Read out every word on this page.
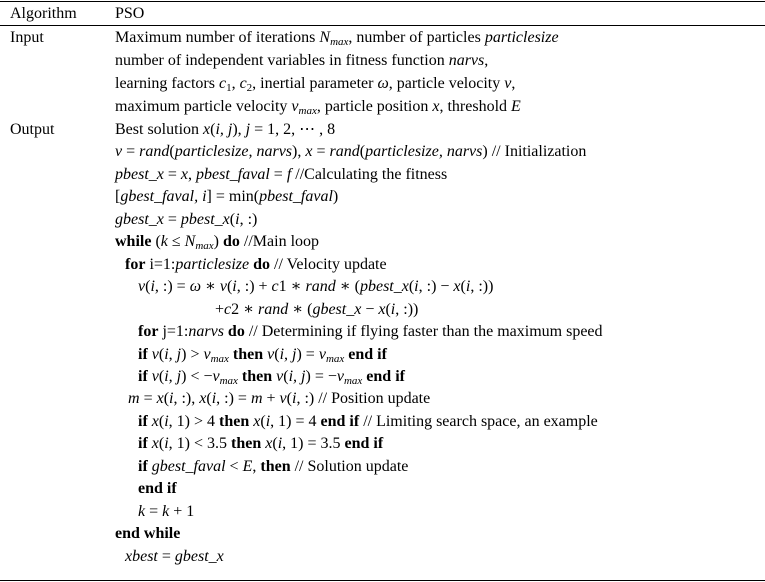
Algorithm PSO
Input
Output
Maximum number of iterations $N_{max}$, number of particles particlesize
number of independent variables in fitness function narvs,
learning factors c1, c2, inertial parameter ω, particle velocity v,
maximum particle velocity $v_{max}$, particle position x, threshold E
Best solution x(i, j), j = 1, 2, ⋯ , 8
v = rand(particlesize, narvs), x = rand(particlesize, narvs) // Initialization
pbest_x = x, pbest_faval = f //Calculating the fitness
[gbest_faval, i] = min(pbest_faval)
gbest_x = pbest_x(i, :)
while $(k \le N_{max})$ do //Main loop
for i=1:particlesize do // Velocity update
v(i, :) = ω ∗ v(i, :) + c1 ∗ rand ∗ (pbest_x(i, :) − x(i, :))
+c2 ∗ rand ∗ (gbest_x − x(i, :))
for j=1:narvs do // Determining if flying faster than the maximum speed
if v(i, $j) > v_{max}$ then v(i, $j) = v_{max}$ end if
if v(i, $j) < -v_{max}$ then v(i, $j) = -v_{max}$ end if
m = x(i, :), x(i, :) = m + v(i, :) // Position update
if x(i, 1) > 4 then x(i, 1) = 4 end if // Limiting search space, an example
if x(i, 1) < 3.5 then x(i, 1) = 3.5 end if
if gbest_faval < E, then // Solution update
end if
k = k + 1
end while
xbest = gbest_x
